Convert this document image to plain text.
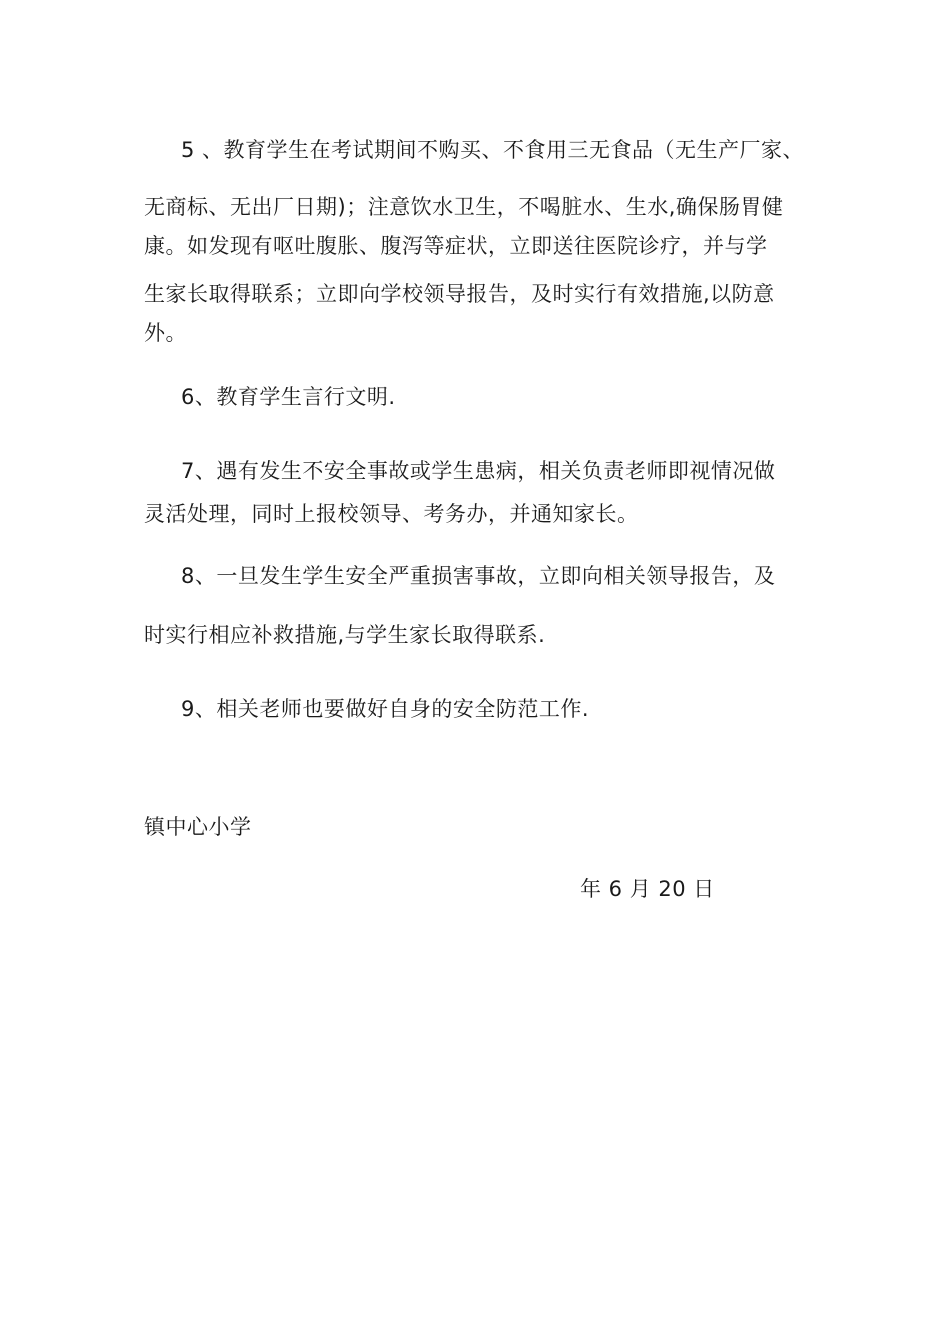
5 、教育学生在考试期间不购买、不食用三无食品（无生产厂家、
无商标、无出厂日期)；注意饮水卫生，不喝脏水、生水,确保肠胃健
康。如发现有呕吐腹胀、腹泻等症状，立即送往医院诊疗，并与学
生家长取得联系；立即向学校领导报告，及时实行有效措施,以防意
外。
6、教育学生言行文明.
7、遇有发生不安全事故或学生患病，相关负责老师即视情况做
灵活处理，同时上报校领导、考务办，并通知家长。
8、一旦发生学生安全严重损害事故，立即向相关领导报告，及
时实行相应补救措施,与学生家长取得联系.
9、相关老师也要做好自身的安全防范工作.
镇中心小学
年 6 月 20 日
